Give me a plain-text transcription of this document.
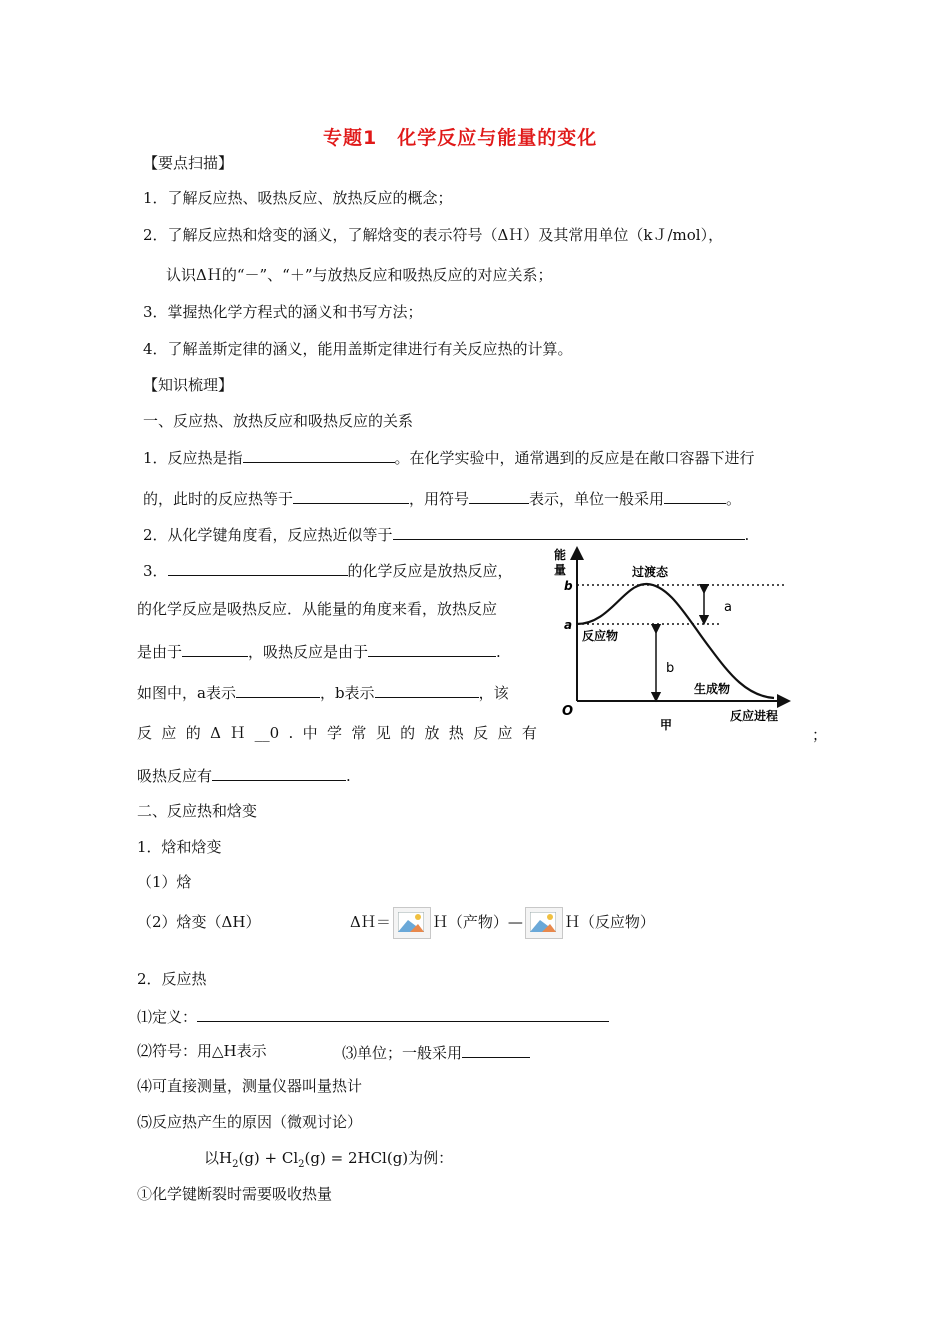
专题1　化学反应与能量的变化
【要点扫描】
1．了解反应热、吸热反应、放热反应的概念；
2．了解反应热和焓变的涵义，了解焓变的表示符号（ΔＨ）及其常用单位（kＪ/mol），
认识ΔＨ的“－”、“＋”与放热反应和吸热反应的对应关系；
3．掌握热化学方程式的涵义和书写方法；
4．了解盖斯定律的涵义，能用盖斯定律进行有关反应热的计算。
【知识梳理】
一、反应热、放热反应和吸热反应的关系
1．反应热是指	。在化学实验中，通常遇到的反应是在敞口容器下进行
的，此时的反应热等于	，用符号	表示，单位一般采用	。
2．从化学键角度看，反应热近似等于	.
3．	的化学反应是放热反应，
的化学反应是吸热反应．从能量的角度来看，放热反应
是由于	，吸热反应是由于	.
如图中，a表示	，b表示	，该
反 应 的 Δ Ｈ __0 . 中 学 常 见 的 放 热 反 应 有	；
吸热反应有	.
能
量
b
a
O
过渡态
反应物
生成物
a
b
反应进程
甲
二、反应热和焓变
1．焓和焓变
（1）焓
（2）焓变（ΔH）	ΔＨ＝	Ｈ（产物）—	Ｈ（反应物）
2．反应热
⑴定义：
⑵符号：用△H表示	⑶单位；一般采用
⑷可直接测量，测量仪器叫量热计
⑸反应热产生的原因（微观讨论）
以$H_2(g) + Cl_2(g) = 2HCl(g)$为例：
①化学键断裂时需要吸收热量
